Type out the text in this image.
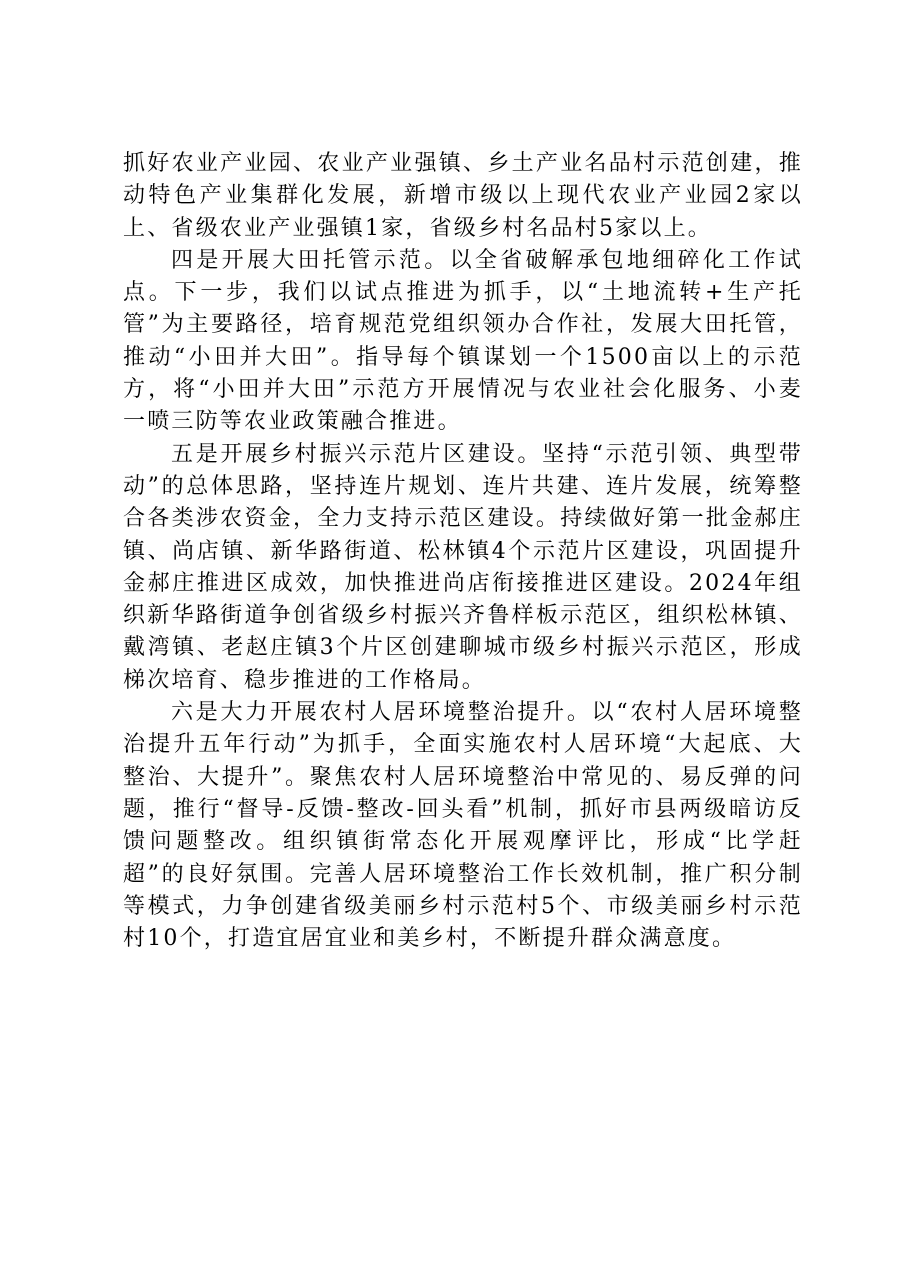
抓好农业产业园、农业产业强镇、乡土产业名品村示范创建，推动特色产业集群化发展，新增市级以上现代农业产业园2家以上、省级农业产业强镇1家，省级乡村名品村5家以上。

四是开展大田托管示范。以全省破解承包地细碎化工作试点。下一步，我们以试点推进为抓手，以“土地流转+生产托管”为主要路径，培育规范党组织领办合作社，发展大田托管，推动“小田并大田”。指导每个镇谋划一个1500亩以上的示范方，将“小田并大田”示范方开展情况与农业社会化服务、小麦一喷三防等农业政策融合推进。

五是开展乡村振兴示范片区建设。坚持“示范引领、典型带动”的总体思路，坚持连片规划、连片共建、连片发展，统筹整合各类涉农资金，全力支持示范区建设。持续做好第一批金郝庄镇、尚店镇、新华路街道、松林镇4个示范片区建设，巩固提升金郝庄推进区成效，加快推进尚店衔接推进区建设。2024年组织新华路街道争创省级乡村振兴齐鲁样板示范区，组织松林镇、戴湾镇、老赵庄镇3个片区创建聊城市级乡村振兴示范区，形成梯次培育、稳步推进的工作格局。

六是大力开展农村人居环境整治提升。以“农村人居环境整治提升五年行动”为抓手，全面实施农村人居环境“大起底、大整治、大提升”。聚焦农村人居环境整治中常见的、易反弹的问题，推行“督导-反馈-整改-回头看”机制，抓好市县两级暗访反馈问题整改。组织镇街常态化开展观摩评比，形成“比学赶超”的良好氛围。完善人居环境整治工作长效机制，推广积分制等模式，力争创建省级美丽乡村示范村5个、市级美丽乡村示范村10个，打造宜居宜业和美乡村，不断提升群众满意度。
